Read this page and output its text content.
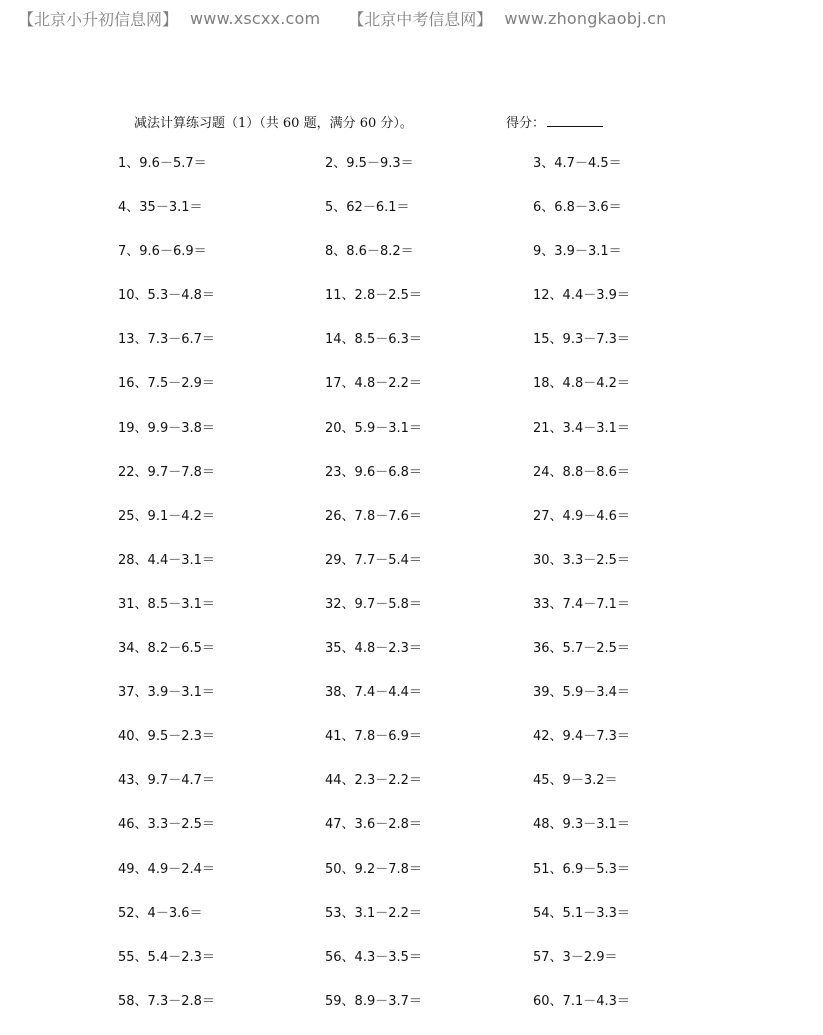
【北京小升初信息网】 www.xscxx.com 【北京中考信息网】 www.zhongkaobj.cn
减法计算练习题（1）（共 60 题，满分 60 分）。	得分：
1、9.6－5.7＝	2、9.5－9.3＝	3、4.7－4.5＝
4、35－3.1＝	5、62－6.1＝	6、6.8－3.6＝
7、9.6－6.9＝	8、8.6－8.2＝	9、3.9－3.1＝
10、5.3－4.8＝	11、2.8－2.5＝	12、4.4－3.9＝
13、7.3－6.7＝	14、8.5－6.3＝	15、9.3－7.3＝
16、7.5－2.9＝	17、4.8－2.2＝	18、4.8－4.2＝
19、9.9－3.8＝	20、5.9－3.1＝	21、3.4－3.1＝
22、9.7－7.8＝	23、9.6－6.8＝	24、8.8－8.6＝
25、9.1－4.2＝	26、7.8－7.6＝	27、4.9－4.6＝
28、4.4－3.1＝	29、7.7－5.4＝	30、3.3－2.5＝
31、8.5－3.1＝	32、9.7－5.8＝	33、7.4－7.1＝
34、8.2－6.5＝	35、4.8－2.3＝	36、5.7－2.5＝
37、3.9－3.1＝	38、7.4－4.4＝	39、5.9－3.4＝
40、9.5－2.3＝	41、7.8－6.9＝	42、9.4－7.3＝
43、9.7－4.7＝	44、2.3－2.2＝	45、9－3.2＝
46、3.3－2.5＝	47、3.6－2.8＝	48、9.3－3.1＝
49、4.9－2.4＝	50、9.2－7.8＝	51、6.9－5.3＝
52、4－3.6＝	53、3.1－2.2＝	54、5.1－3.3＝
55、5.4－2.3＝	56、4.3－3.5＝	57、3－2.9＝
58、7.3－2.8＝	59、8.9－3.7＝	60、7.1－4.3＝
